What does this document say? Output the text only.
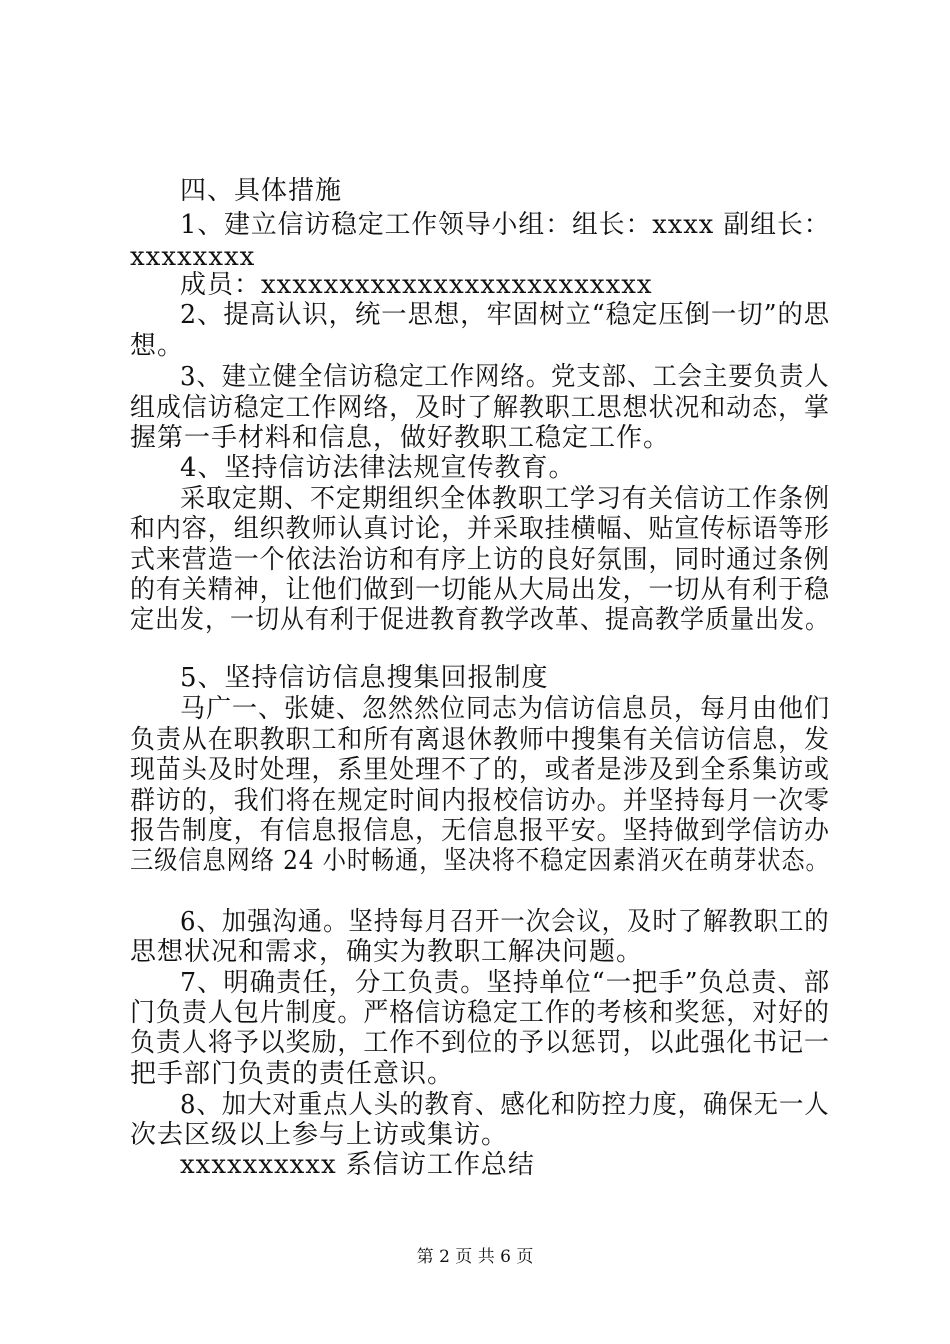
四、具体措施

1、建立信访稳定工作领导小组：组长：xxxx 副组长：

xxxxxxxx

成员：xxxxxxxxxxxxxxxxxxxxxxxxx

2、提高认识，统一思想，牢固树立“稳定压倒一切”的思

想。

3、建立健全信访稳定工作网络。党支部、工会主要负责人

组成信访稳定工作网络，及时了解教职工思想状况和动态，掌

握第一手材料和信息，做好教职工稳定工作。

4、坚持信访法律法规宣传教育。

采取定期、不定期组织全体教职工学习有关信访工作条例

和内容，组织教师认真讨论，并采取挂横幅、贴宣传标语等形

式来营造一个依法治访和有序上访的良好氛围，同时通过条例

的有关精神，让他们做到一切能从大局出发，一切从有利于稳

定出发，一切从有利于促进教育教学改革、提高教学质量出发。

5、坚持信访信息搜集回报制度

马广一、张婕、忽然然位同志为信访信息员，每月由他们

负责从在职教职工和所有离退休教师中搜集有关信访信息，发

现苗头及时处理，系里处理不了的，或者是涉及到全系集访或

群访的，我们将在规定时间内报校信访办。并坚持每月一次零

报告制度，有信息报信息，无信息报平安。坚持做到学信访办

三级信息网络 24 小时畅通，坚决将不稳定因素消灭在萌芽状态。

6、加强沟通。坚持每月召开一次会议，及时了解教职工的

思想状况和需求，确实为教职工解决问题。

7、明确责任，分工负责。坚持单位“一把手”负总责、部

门负责人包片制度。严格信访稳定工作的考核和奖惩，对好的

负责人将予以奖励，工作不到位的予以惩罚，以此强化书记一

把手部门负责的责任意识。

8、加大对重点人头的教育、感化和防控力度，确保无一人

次去区级以上参与上访或集访。

xxxxxxxxxx 系信访工作总结

第 2 页 共 6 页
